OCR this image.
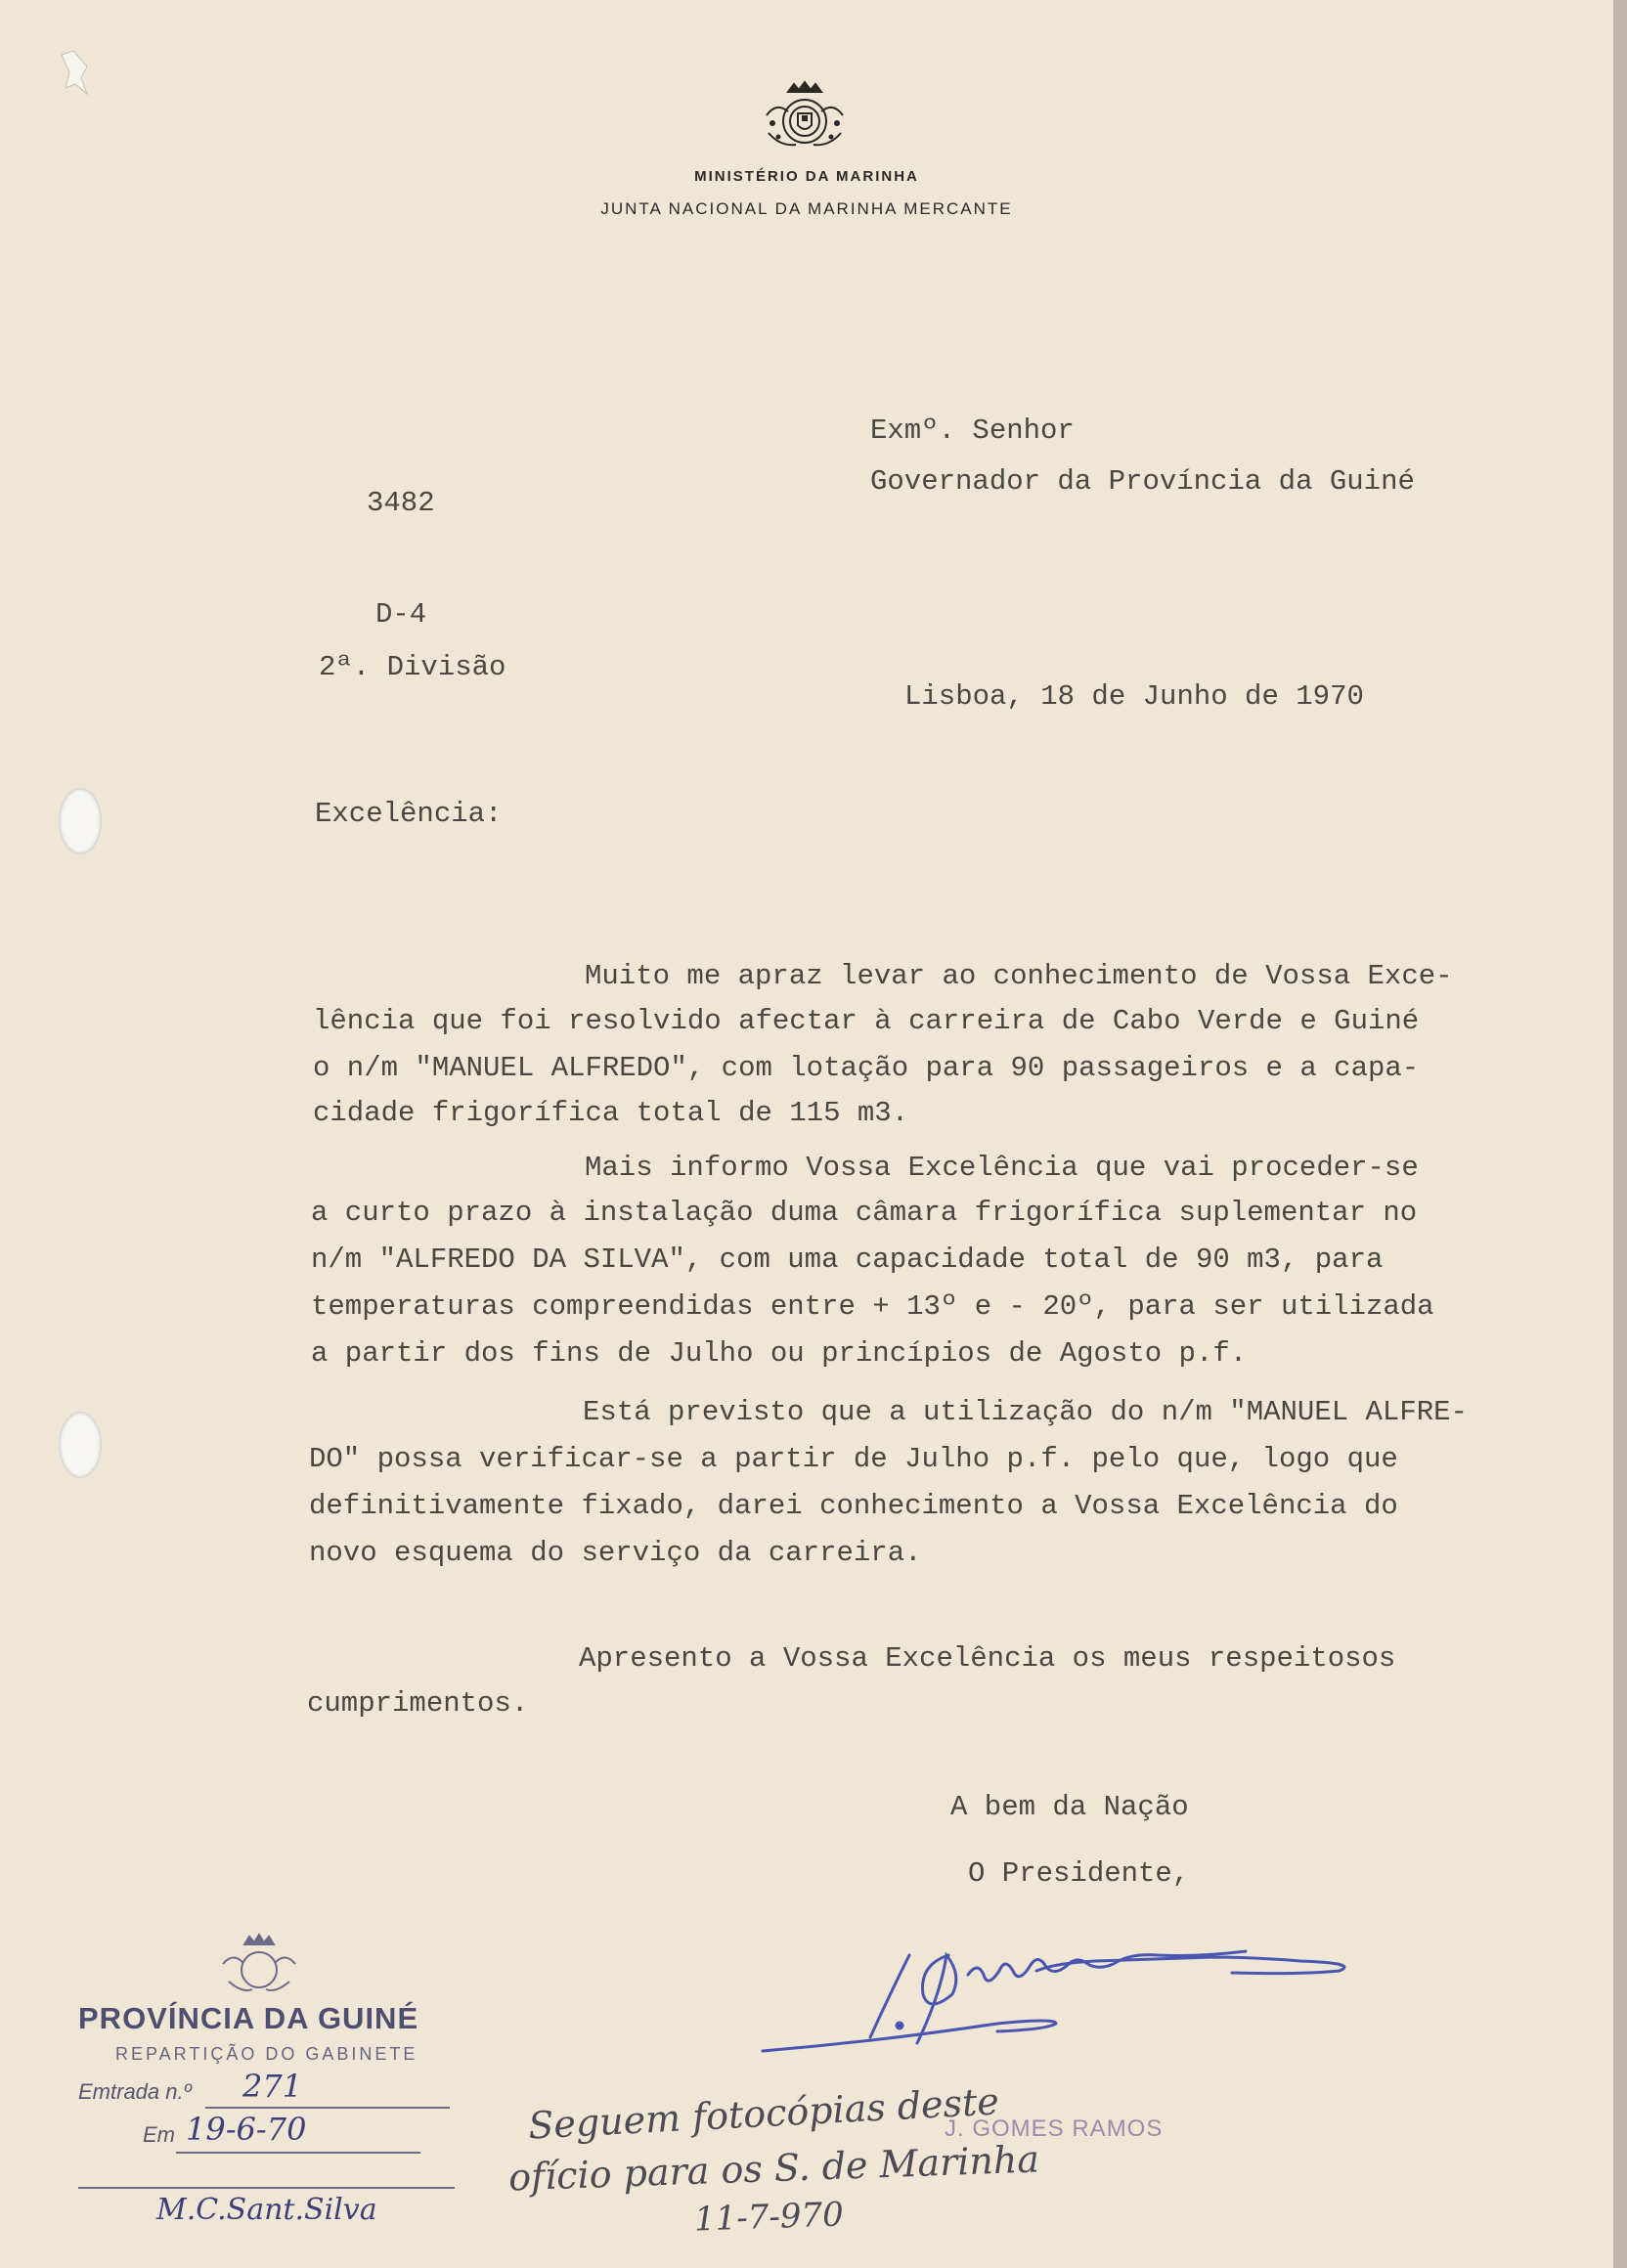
MINISTÉRIO DA MARINHA
JUNTA NACIONAL DA MARINHA MERCANTE
Exmº. Senhor
Governador da Província da Guiné
3482
D-4
2ª. Divisão
Lisboa, 18 de Junho de 1970
Excelência:
Muito me apraz levar ao conhecimento de Vossa Exce-
lência que foi resolvido afectar à carreira de Cabo Verde e Guiné
o n/m "MANUEL ALFREDO", com lotação para 90 passageiros e a capa-
cidade frigorífica total de 115 m3.
Mais informo Vossa Excelência que vai proceder-se
a curto prazo à instalação duma câmara frigorífica suplementar no
n/m "ALFREDO DA SILVA", com uma capacidade total de 90 m3, para
temperaturas compreendidas entre + 13º e - 20º, para ser utilizada
a partir dos fins de Julho ou princípios de Agosto p.f.
Está previsto que a utilização do n/m "MANUEL ALFRE-
DO" possa verificar-se a partir de Julho p.f. pelo que, logo que
definitivamente fixado, darei conhecimento a Vossa Excelência do
novo esquema do serviço da carreira.
Apresento a Vossa Excelência os meus respeitosos
cumprimentos.
A bem da Nação
O Presidente,
J. GOMES RAMOS
PROVÍNCIA DA GUINÉ
REPARTIÇÃO DO GABINETE
Emtrada n.º 271
Em 19-6-70
M.C.Sant.Silva
Seguem fotocópias deste
ofício para os S. de Marinha
11-7-970
